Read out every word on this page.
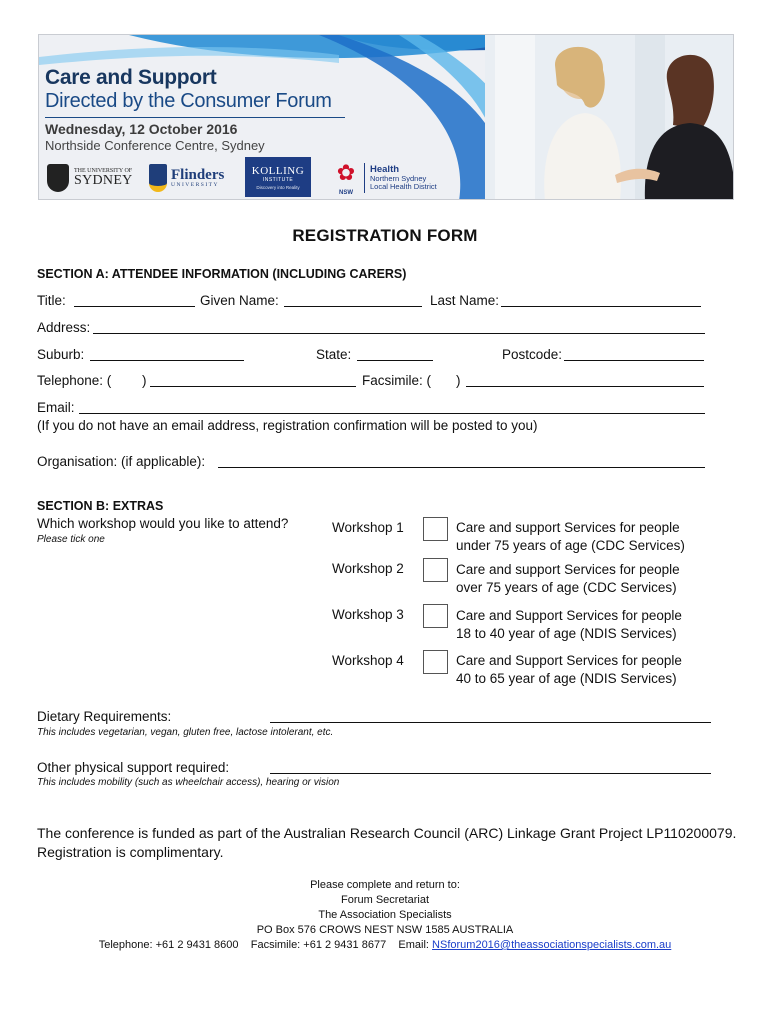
Care and Support
Directed by the Consumer Forum
Wednesday, 12 October 2016
Northside Conference Centre, Sydney
THE UNIVERSITY OF
SYDNEY	Flinders
UNIVERSITY
KOLLING
INSTITUTE
Discovery into Reality
✿
NSW
Health
Northern Sydney
Local Health District
REGISTRATION FORM
SECTION A: ATTENDEE INFORMATION (INCLUDING CARERS)
Title:	Given Name:	Last Name:
Address:
Suburb:	State:	Postcode:
Telephone: ( )	Facsimile: ( )
Email:
(If you do not have an email address, registration confirmation will be posted to you)
Organisation: (if applicable):
SECTION B: EXTRAS
Which workshop would you like to attend?
Please tick one
Workshop 1	Care and support Services for people
under 75 years of age (CDC Services)
Workshop 2	Care and support Services for people
over 75 years of age (CDC Services)
Workshop 3	Care and Support Services for people
18 to 40 year of age (NDIS Services)
Workshop 4	Care and Support Services for people
40 to 65 year of age (NDIS Services)
Dietary Requirements:
This includes vegetarian, vegan, gluten free, lactose intolerant, etc.
Other physical support required:
This includes mobility (such as wheelchair access), hearing or vision
The conference is funded as part of the Australian Research Council (ARC) Linkage Grant Project LP110200079. Registration is complimentary.
Please complete and return to:
Forum Secretariat
The Association Specialists
PO Box 576 CROWS NEST NSW 1585 AUSTRALIA
Telephone: +61 2 9431 8600 Facsimile: +61 2 9431 8677 Email: NSforum2016@theassociationspecialists.com.au
